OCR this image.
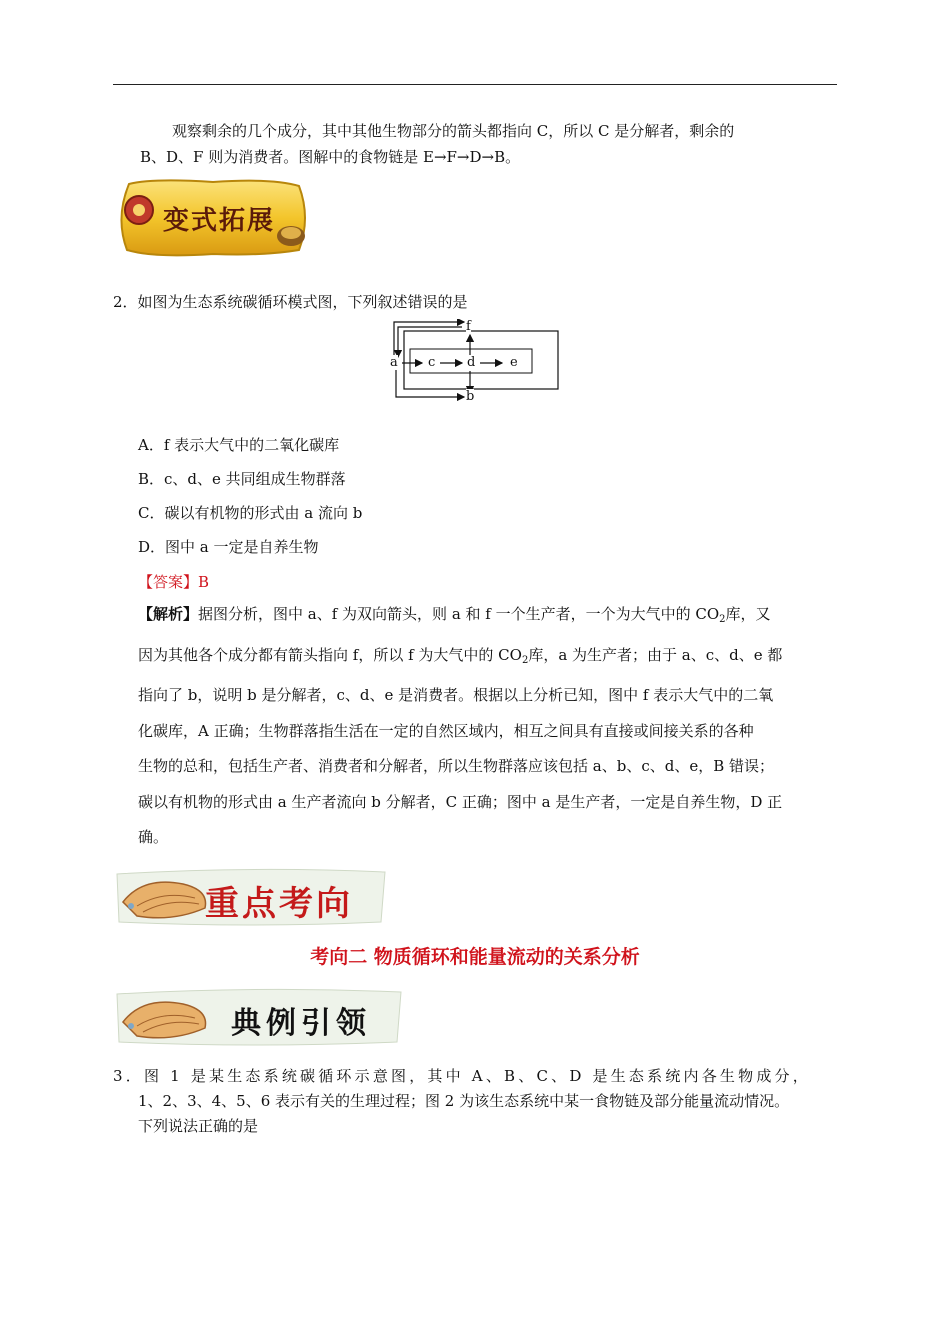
观察剩余的几个成分，其中其他生物部分的箭头都指向 C，所以 C 是分解者，剩余的
B、D、F 则为消费者。图解中的食物链是 E→F→D→B。
变式拓展
2．如图为生态系统碳循环模式图，下列叙述错误的是
f
a c d	e
b
A．f 表示大气中的二氧化碳库
B．c、d、e 共同组成生物群落
C．碳以有机物的形式由 a 流向 b
D．图中 a 一定是自养生物
【答案】B
【解析】据图分析，图中 a、f 为双向箭头，则 a 和 f 一个生产者，一个为大气中的 $CO_2$库，又
因为其他各个成分都有箭头指向 f，所以 f 为大气中的 $CO_2$库，a 为生产者；由于 a、c、d、e 都
指向了 b，说明 b 是分解者，c、d、e 是消费者。根据以上分析已知，图中 f 表示大气中的二氧
化碳库，A 正确；生物群落指生活在一定的自然区域内，相互之间具有直接或间接关系的各种
生物的总和，包括生产者、消费者和分解者，所以生物群落应该包括 a、b、c、d、e，B 错误；
碳以有机物的形式由 a 生产者流向 b 分解者，C 正确；图中 a 是生产者，一定是自养生物，D 正
确。
重点考向
考向二 物质循环和能量流动的关系分析
典例引领
3．图 1 是某生态系统碳循环示意图，其中 A、B、C、D 是生态系统内各生物成分，
1、2、3、4、5、6 表示有关的生理过程；图 2 为该生态系统中某一食物链及部分能量流动情况。
下列说法正确的是
